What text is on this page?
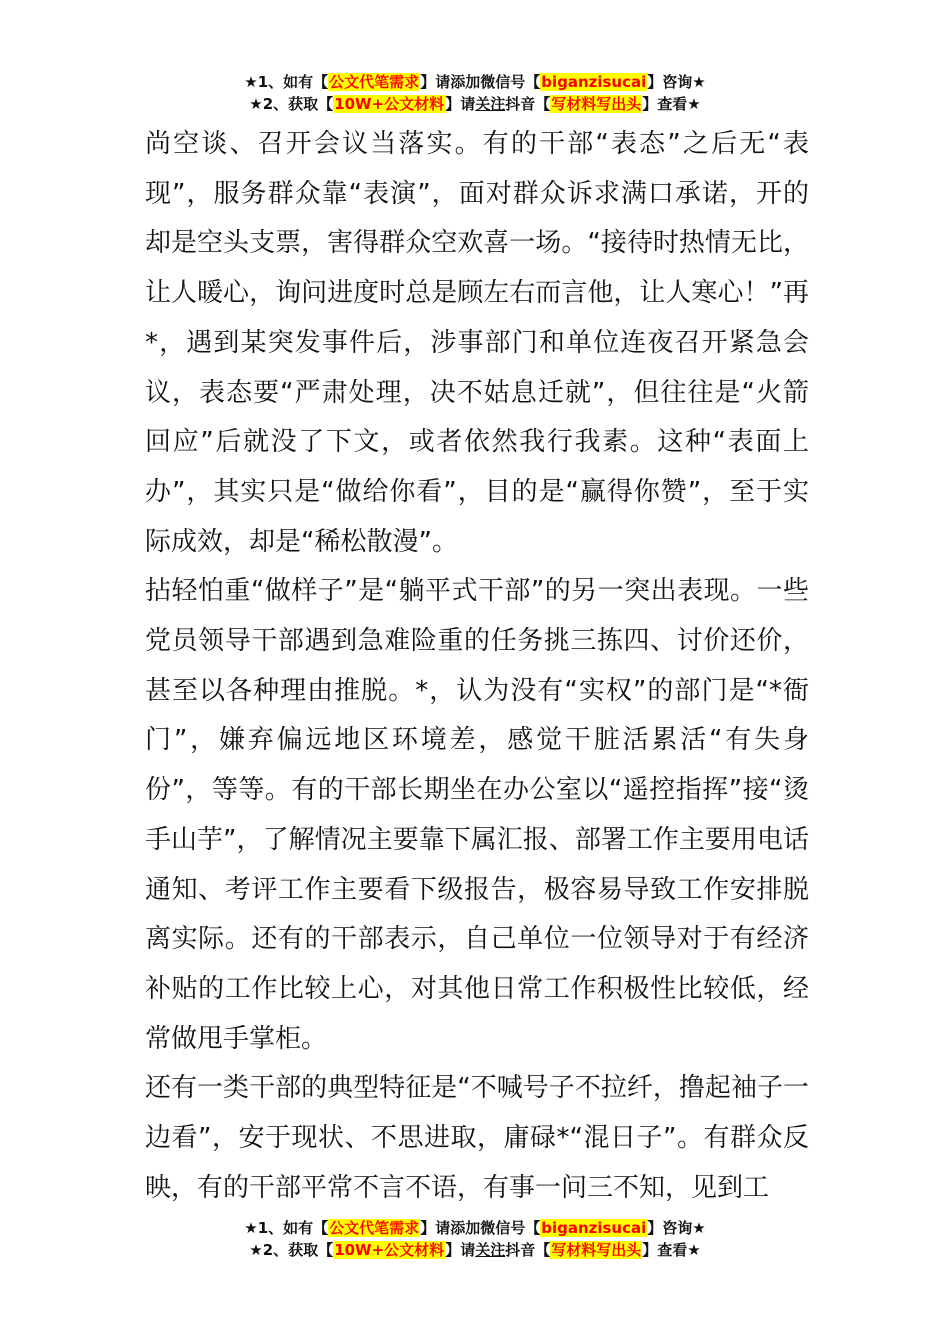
★1、如有【公文代笔需求】请添加微信号【biganzisucai】咨询★
★2、获取【10W+公文材料】请关注抖音【写材料写出头】查看★

尚空谈、召开会议当落实。有的干部“表态”之后无“表现”，服务群众靠“表演”，面对群众诉求满口承诺，开的却是空头支票，害得群众空欢喜一场。“接待时热情无比，让人暖心，询问进度时总是顾左右而言他，让人寒心！”再*，遇到某突发事件后，涉事部门和单位连夜召开紧急会议，表态要“严肃处理，决不姑息迁就”，但往往是“火箭回应”后就没了下文，或者依然我行我素。这种“表面上办”，其实只是“做给你看”，目的是“赢得你赞”，至于实际成效，却是“稀松散漫”。

拈轻怕重“做样子”是“躺平式干部”的另一突出表现。一些党员领导干部遇到急难险重的任务挑三拣四、讨价还价，甚至以各种理由推脱。*，认为没有“实权”的部门是“*衙门”，嫌弃偏远地区环境差，感觉干脏活累活“有失身份”，等等。有的干部长期坐在办公室以“遥控指挥”接“烫手山芋”，了解情况主要靠下属汇报、部署工作主要用电话通知、考评工作主要看下级报告，极容易导致工作安排脱离实际。还有的干部表示，自己单位一位领导对于有经济补贴的工作比较上心，对其他日常工作积极性比较低，经常做甩手掌柜。

还有一类干部的典型特征是“不喊号子不拉纤，撸起袖子一边看”，安于现状、不思进取，庸碌*“混日子”。有群众反映，有的干部平常不言不语，有事一问三不知，见到工

★1、如有【公文代笔需求】请添加微信号【biganzisucai】咨询★
★2、获取【10W+公文材料】请关注抖音【写材料写出头】查看★
